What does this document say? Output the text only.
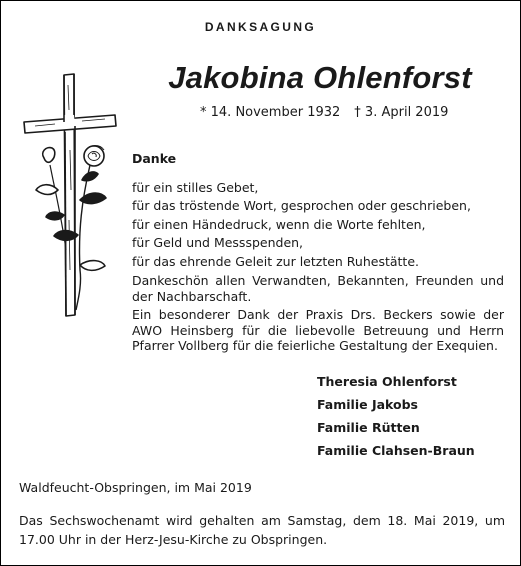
DANKSAGUNG
Jakobina Ohlenforst
* 14. November 1932 † 3. April 2019
Danke

für ein stilles Gebet,

für das tröstende Wort, gesprochen oder geschrieben,

für einen Händedruck, wenn die Worte fehlten,

für Geld und Messspenden,

für das ehrende Geleit zur letzten Ruhestätte.

Dankeschön allen Verwandten, Bekannten, Freunden und der Nachbarschaft.

Ein besonderer Dank der Praxis Drs. Beckers sowie der AWO Heinsberg für die liebevolle Betreuung und Herrn Pfarrer Vollberg für die feierliche Gestaltung der Exequien.

Theresia Ohlenforst
Familie Jakobs
Familie Rütten
Familie Clahsen-Braun
Waldfeucht-Obspringen, im Mai 2019
Das Sechswochenamt wird gehalten am Samstag, dem 18. Mai 2019, um 17.00 Uhr in der Herz-Jesu-Kirche zu Obspringen.
